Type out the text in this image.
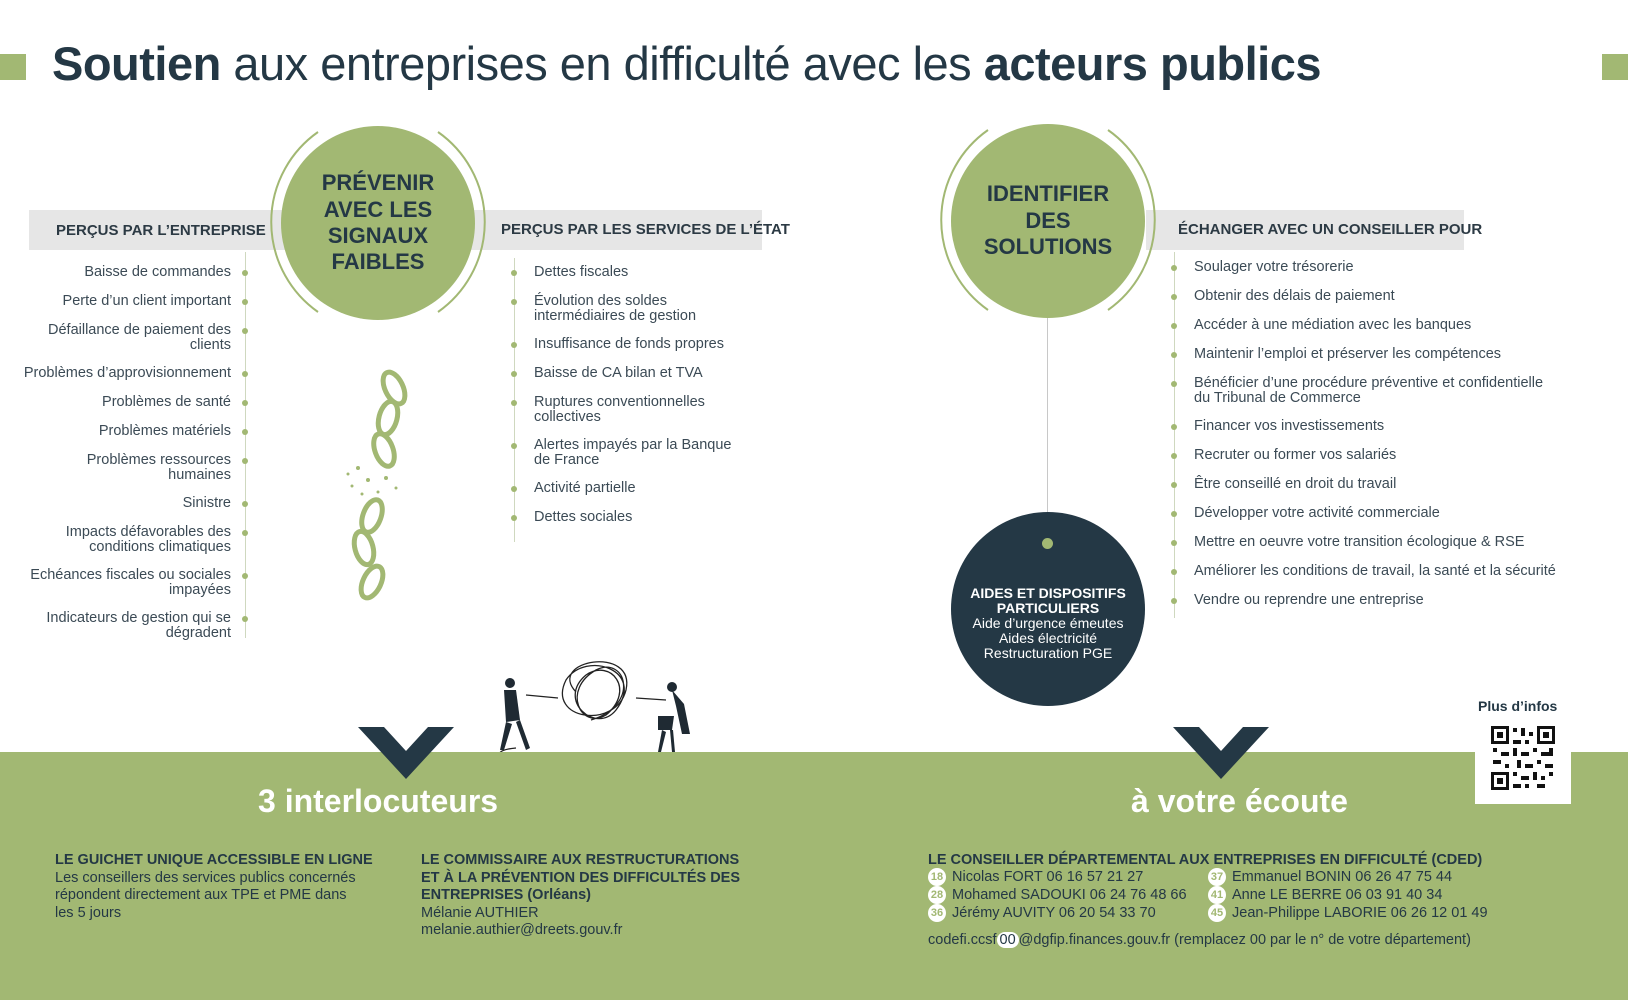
Soutien aux entreprises en difficulté avec les acteurs publics
PERÇUS PAR L’ENTREPRISE	PERÇUS PAR LES SERVICES DE L’ÉTAT
PRÉVENIR
AVEC LES
SIGNAUX
FAIBLES
Baisse de commandes
Perte d’un client important
Défaillance de paiement des clients
Problèmes d’approvisionnement
Problèmes de santé
Problèmes matériels
Problèmes ressources humaines
Sinistre
Impacts défavorables des conditions climatiques
Echéances fiscales ou sociales impayées
Indicateurs de gestion qui se dégradent
Dettes fiscales
Évolution des soldes intermédiaires de gestion
Insuffisance de fonds propres
Baisse de CA bilan et TVA
Ruptures conventionnelles collectives
Alertes impayés par la Banque de France
Activité partielle
Dettes sociales
ÉCHANGER AVEC UN CONSEILLER POUR
IDENTIFIER
DES
SOLUTIONS
AIDES ET DISPOSITIFS PARTICULIERS
Aide d’urgence émeutes
Aides électricité
Restructuration PGE
Soulager votre trésorerie
Obtenir des délais de paiement
Accéder à une médiation avec les banques
Maintenir l’emploi et préserver les compétences
Bénéficier d’une procédure préventive et confidentielle du Tribunal de Commerce
Financer vos investissements
Recruter ou former vos salariés
Être conseillé en droit du travail
Développer votre activité commerciale
Mettre en oeuvre votre transition écologique & RSE
Améliorer les conditions de travail, la santé et la sécurité
Vendre ou reprendre une entreprise
3 interlocuteurs	à votre écoute
LE GUICHET UNIQUE ACCESSIBLE EN LIGNE
Les conseillers des services publics concernés
répondent directement aux TPE et PME dans
les 5 jours
LE COMMISSAIRE AUX RESTRUCTURATIONS
ET À LA PRÉVENTION DES DIFFICULTÉS DES
ENTREPRISES (Orléans)
Mélanie AUTHIER
melanie.authier@dreets.gouv.fr
LE CONSEILLER DÉPARTEMENTAL AUX ENTREPRISES EN DIFFICULTÉ (CDED)
18 Nicolas FORT 06 16 57 21 27
28 Mohamed SADOUKI 06 24 76 48 66
36 Jérémy AUVITY 06 20 54 33 70
37 Emmanuel BONIN 06 26 47 75 44
41 Anne LE BERRE 06 03 91 40 34
45 Jean-Philippe LABORIE 06 26 12 01 49
codefi.ccsf 00 @dgfip.finances.gouv.fr (remplacez 00 par le n° de votre département)
Plus d’infos
